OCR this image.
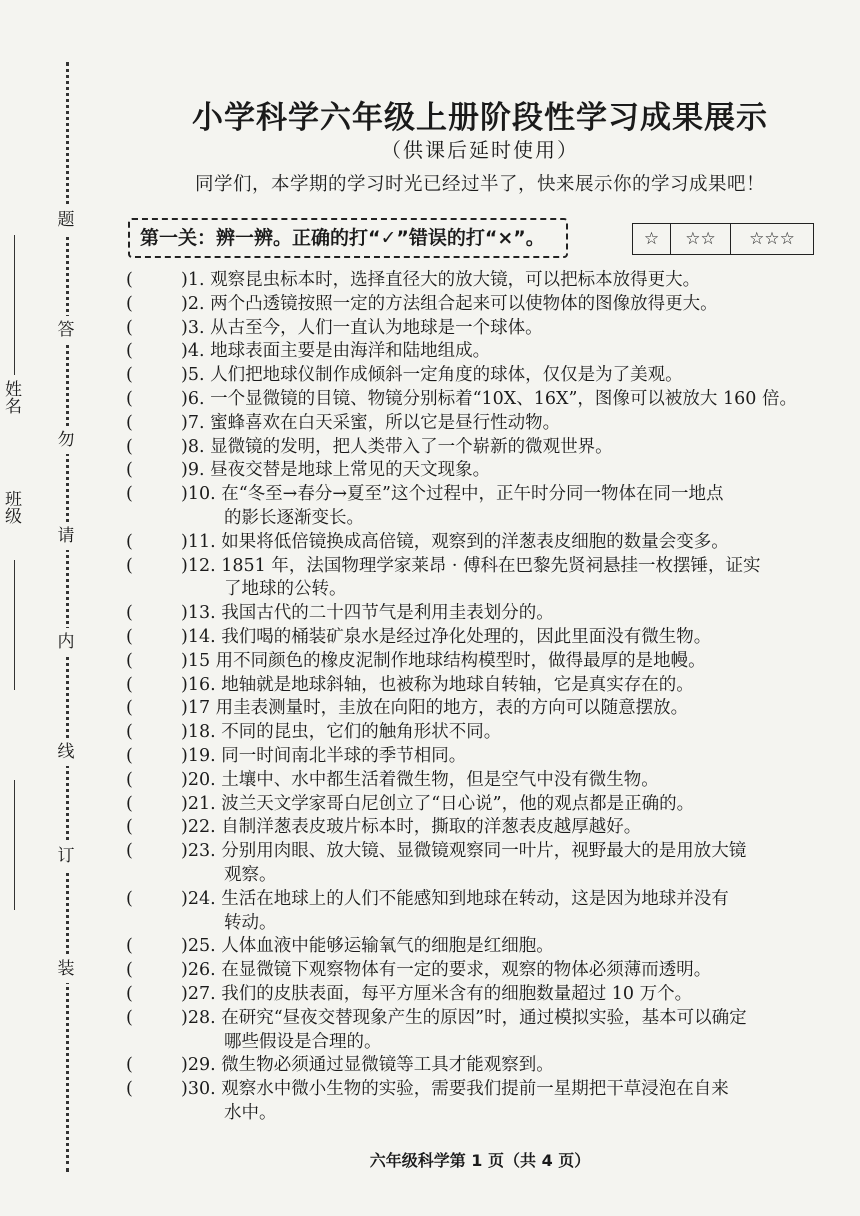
题
答
勿
请
内
线
订
装
姓名
班级
小学科学六年级上册阶段性学习成果展示
（供课后延时使用）
同学们，本学期的学习时光已经过半了，快来展示你的学习成果吧！
第一关：辨一辨。正确的打“✓”错误的打“×”。	☆	☆☆	☆☆☆
(	)1. 观察昆虫标本时，选择直径大的放大镜，可以把标本放得更大。
(	)2. 两个凸透镜按照一定的方法组合起来可以使物体的图像放得更大。
(	)3. 从古至今，人们一直认为地球是一个球体。
(	)4. 地球表面主要是由海洋和陆地组成。
(	)5. 人们把地球仪制作成倾斜一定角度的球体，仅仅是为了美观。
(	)6. 一个显微镜的目镜、物镜分别标着“10X、16X”，图像可以被放大 160 倍。
(	)7. 蜜蜂喜欢在白天采蜜，所以它是昼行性动物。
(	)8. 显微镜的发明，把人类带入了一个崭新的微观世界。
(	)9. 昼夜交替是地球上常见的天文现象。
(	)10. 在“冬至→春分→夏至”这个过程中，正午时分同一物体在同一地点
的影长逐渐变长。
(	)11. 如果将低倍镜换成高倍镜，观察到的洋葱表皮细胞的数量会变多。
(	)12. 1851 年，法国物理学家莱昂 · 傅科在巴黎先贤祠悬挂一枚摆锤，证实
了地球的公转。
(	)13. 我国古代的二十四节气是利用圭表划分的。
(	)14. 我们喝的桶装矿泉水是经过净化处理的，因此里面没有微生物。
(	)15 用不同颜色的橡皮泥制作地球结构模型时，做得最厚的是地幔。
(	)16. 地轴就是地球斜轴，也被称为地球自转轴，它是真实存在的。
(	)17 用圭表测量时，圭放在向阳的地方，表的方向可以随意摆放。
(	)18. 不同的昆虫，它们的触角形状不同。
(	)19. 同一时间南北半球的季节相同。
(	)20. 土壤中、水中都生活着微生物，但是空气中没有微生物。
(	)21. 波兰天文学家哥白尼创立了“日心说”，他的观点都是正确的。
(	)22. 自制洋葱表皮玻片标本时，撕取的洋葱表皮越厚越好。
(	)23. 分别用肉眼、放大镜、显微镜观察同一叶片，视野最大的是用放大镜
观察。
(	)24. 生活在地球上的人们不能感知到地球在转动，这是因为地球并没有
转动。
(	)25. 人体血液中能够运输氧气的细胞是红细胞。
(	)26. 在显微镜下观察物体有一定的要求，观察的物体必须薄而透明。
(	)27. 我们的皮肤表面，每平方厘米含有的细胞数量超过 10 万个。
(	)28. 在研究“昼夜交替现象产生的原因”时，通过模拟实验，基本可以确定
哪些假设是合理的。
(	)29. 微生物必须通过显微镜等工具才能观察到。
(	)30. 观察水中微小生物的实验，需要我们提前一星期把干草浸泡在自来
水中。
六年级科学第 1 页（共 4 页）
